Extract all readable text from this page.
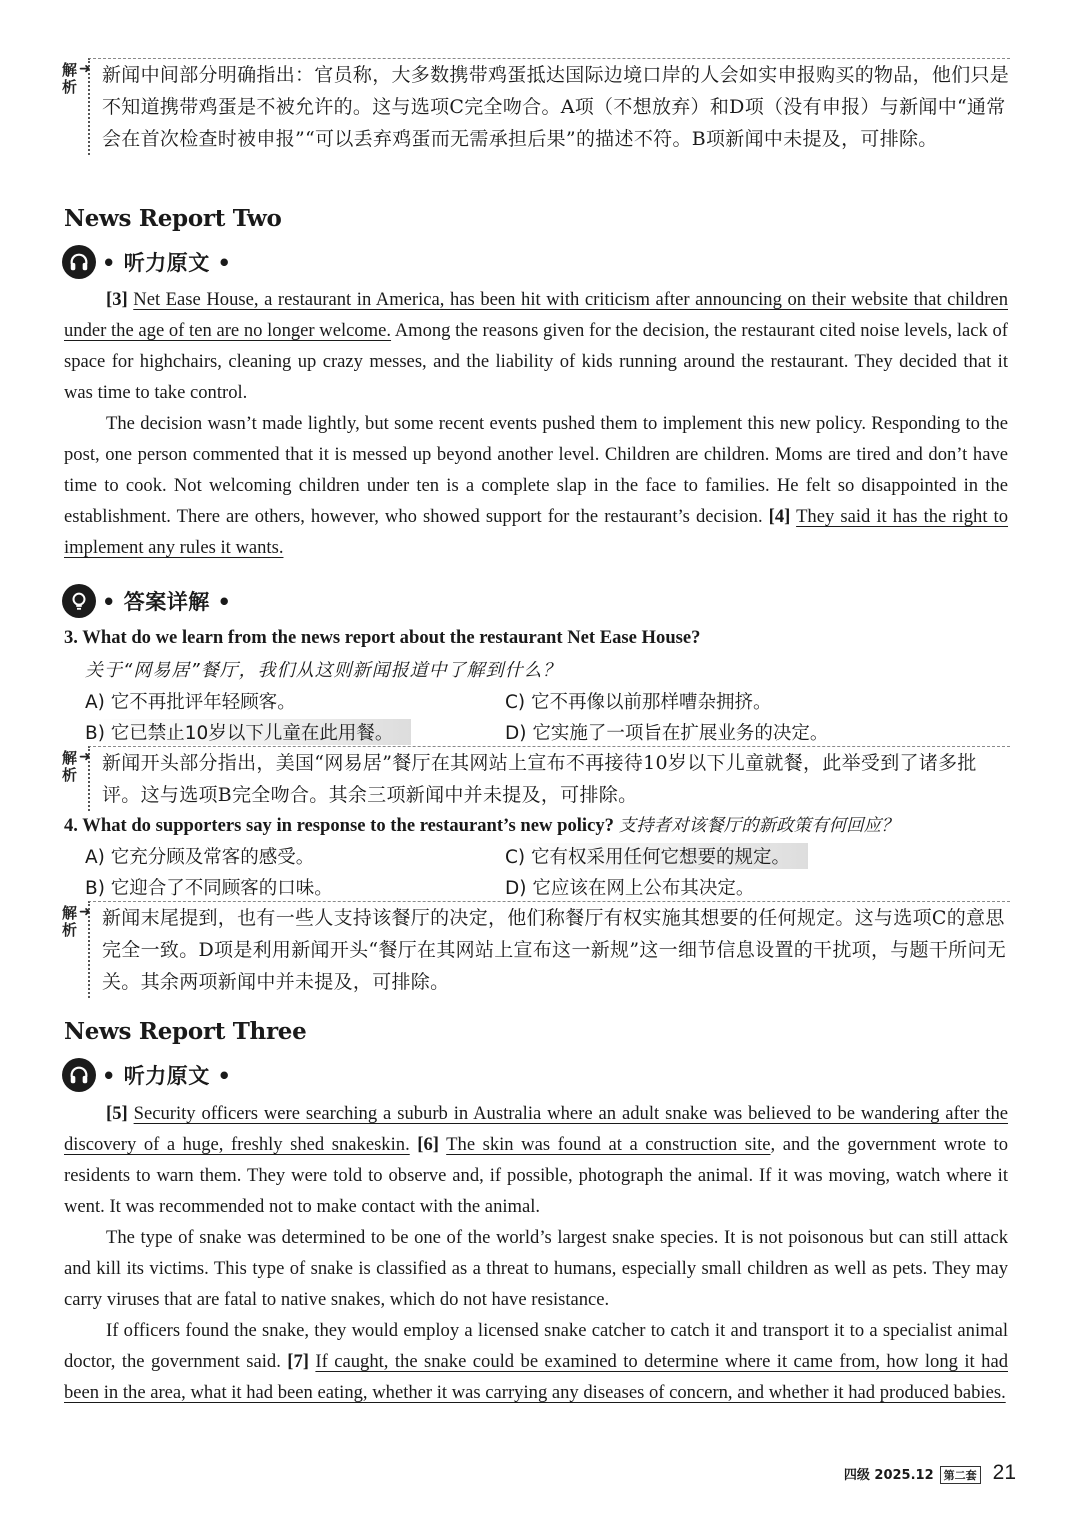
解
析
➜ 新闻中间部分明确指出：官员称，大多数携带鸡蛋抵达国际边境口岸的人会如实申报购买的物品，他们只是不知道携带鸡蛋是不被允许的。这与选项C完全吻合。A项（不想放弃）和D项（没有申报）与新闻中“通常会在首次检查时被申报”“可以丢弃鸡蛋而无需承担后果”的描述不符。B项新闻中未提及，可排除。
News Report Two
• 听力原文 •

[3] Net Ease House, a restaurant in America, has been hit with criticism after announcing on their website that children under the age of ten are no longer welcome. Among the reasons given for the decision, the restaurant cited noise levels, lack of space for highchairs, cleaning up crazy messes, and the liability of kids running around the restaurant. They decided that it was time to take control.

The decision wasn’t made lightly, but some recent events pushed them to implement this new policy. Responding to the post, one person commented that it is messed up beyond another level. Children are children. Moms are tired and don’t have time to cook. Not welcoming children under ten is a complete slap in the face to families. He felt so disappointed in the establishment. There are others, however, who showed support for the restaurant’s decision. [4] They said it has the right to implement any rules it wants.

• 答案详解 •

3. What do we learn from the news report about the restaurant Net Ease House?

关于“网易居”餐厅，我们从这则新闻报道中了解到什么？

A) 它不再批评年轻顾客。	C) 它不再像以前那样嘈杂拥挤。

B) 它已禁止10岁以下儿童在此用餐。	D) 它实施了一项旨在扩展业务的决定。

解
析
➜ 新闻开头部分指出，美国“网易居”餐厅在其网站上宣布不再接待10岁以下儿童就餐，此举受到了诸多批评。这与选项B完全吻合。其余三项新闻中并未提及，可排除。

4. What do supporters say in response to the restaurant’s new policy? 支持者对该餐厅的新政策有何回应？

A) 它充分顾及常客的感受。	C) 它有权采用任何它想要的规定。

B) 它迎合了不同顾客的口味。	D) 它应该在网上公布其决定。

解
析
➜ 新闻末尾提到，也有一些人支持该餐厅的决定，他们称餐厅有权实施其想要的任何规定。这与选项C的意思完全一致。D项是利用新闻开头“餐厅在其网站上宣布这一新规”这一细节信息设置的干扰项，与题干所问无关。其余两项新闻中并未提及，可排除。
News Report Three
• 听力原文 •

[5] Security officers were searching a suburb in Australia where an adult snake was believed to be wandering after the discovery of a huge, freshly shed snakeskin. [6] The skin was found at a construction site, and the government wrote to residents to warn them. They were told to observe and, if possible, photograph the animal. If it was moving, watch where it went. It was recommended not to make contact with the animal.

The type of snake was determined to be one of the world’s largest snake species. It is not poisonous but can still attack and kill its victims. This type of snake is classified as a threat to humans, especially small children as well as pets. They may carry viruses that are fatal to native snakes, which do not have resistance.

If officers found the snake, they would employ a licensed snake catcher to catch it and transport it to a specialist animal doctor, the government said. [7] If caught, the snake could be examined to determine where it came from, how long it had been in the area, what it had been eating, whether it was carrying any diseases of concern, and whether it had produced babies.

四级 2025.12 第二套 21
